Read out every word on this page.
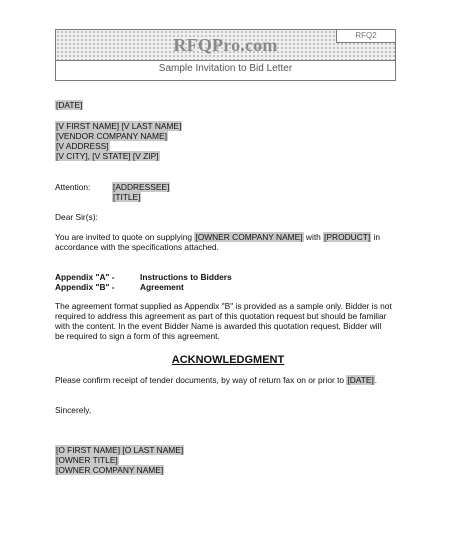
RFQPro.com	RFQ2
Sample Invitation to Bid Letter
[DATE]
[V FIRST NAME] [V LAST NAME]
[VENDOR COMPANY NAME]
[V ADDRESS]
[V CITY], [V STATE] [V ZIP]
Attention:	[ADDRESSEE]
[TITLE]
Dear Sir(s):
You are invited to quote on supplying [OWNER COMPANY NAME] with [PRODUCT] in
accordance with the specifications attached.
Appendix "A" -	Instructions to Bidders
Appendix "B" -	Agreement
The agreement format supplied as Appendix "B" is provided as a sample only. Bidder is not
required to address this agreement as part of this quotation request but should be familiar
with the content. In the event Bidder Name is awarded this quotation request, Bidder will
be required to sign a form of this agreement.
ACKNOWLEDGMENT
Please confirm receipt of tender documents, by way of return fax on or prior to [DATE].
Sincerely,
[O FIRST NAME] [O LAST NAME]
[OWNER TITLE]
[OWNER COMPANY NAME]
